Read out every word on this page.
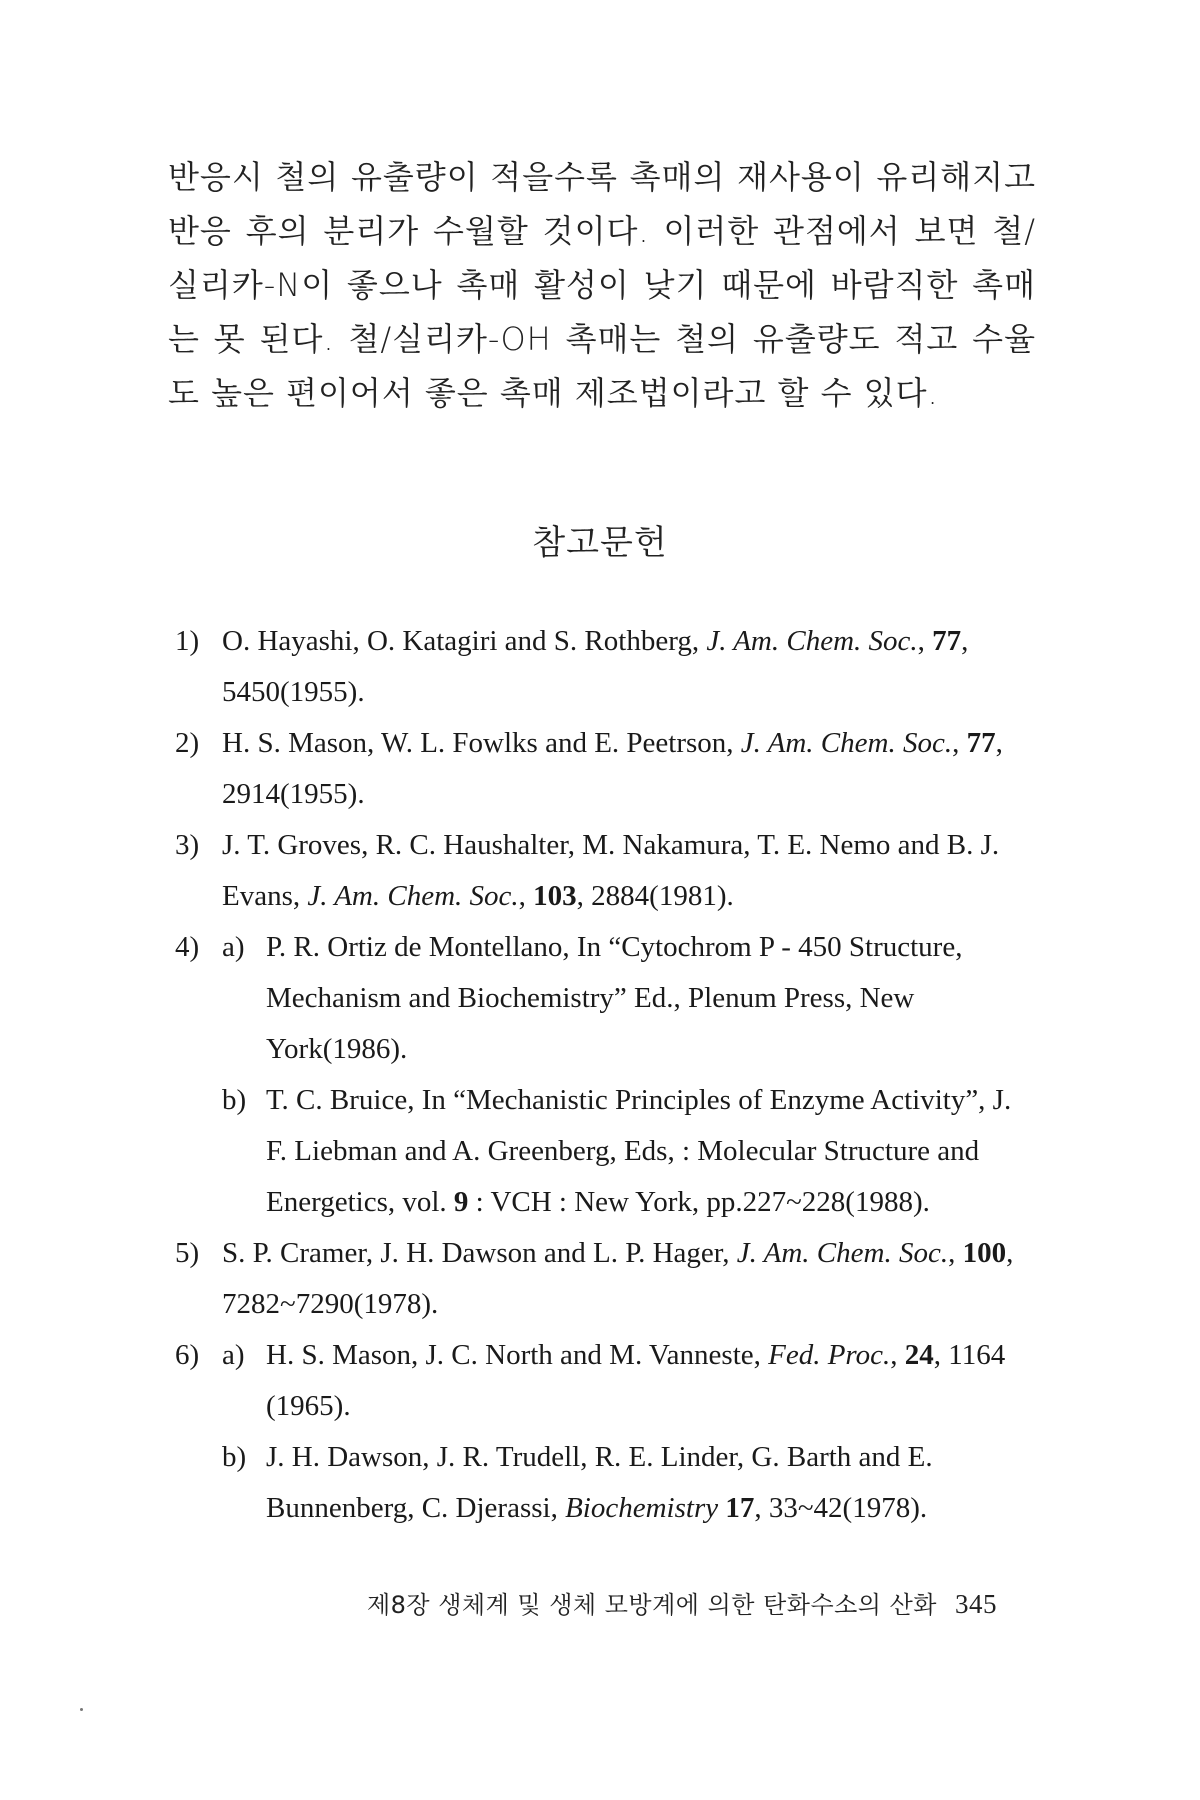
반응시 철의 유출량이 적을수록 촉매의 재사용이 유리해지고 반응 후의 분리가 수월할 것이다. 이러한 관점에서 보면 철/실리카-N이 좋으나 촉매 활성이 낮기 때문에 바람직한 촉매는 못 된다. 철/실리카-OH 촉매는 철의 유출량도 적고 수율도 높은 편이어서 좋은 촉매 제조법이라고 할 수 있다.
참고문헌
1) O. Hayashi, O. Katagiri and S. Rothberg, J. Am. Chem. Soc., 77, 5450(1955).
2) H. S. Mason, W. L. Fowlks and E. Peetrson, J. Am. Chem. Soc., 77, 2914(1955).
3) J. T. Groves, R. C. Haushalter, M. Nakamura, T. E. Nemo and B. J. Evans, J. Am. Chem. Soc., 103, 2884(1981).
4) a) P. R. Ortiz de Montellano, In “Cytochrom P - 450 Structure, Mechanism and Biochemistry” Ed., Plenum Press, New York(1986).
b) T. C. Bruice, In “Mechanistic Principles of Enzyme Activity”, J. F. Liebman and A. Greenberg, Eds, : Molecular Structure and Energetics, vol. 9 : VCH : New York, pp.227~228(1988).
5) S. P. Cramer, J. H. Dawson and L. P. Hager, J. Am. Chem. Soc., 100, 7282~7290(1978).
6) a) H. S. Mason, J. C. North and M. Vanneste, Fed. Proc., 24, 1164 (1965).
b) J. H. Dawson, J. R. Trudell, R. E. Linder, G. Barth and E. Bunnenberg, C. Djerassi, Biochemistry 17, 33~42(1978).
제8장 생체계 및 생체 모방계에 의한 탄화수소의 산화 345
